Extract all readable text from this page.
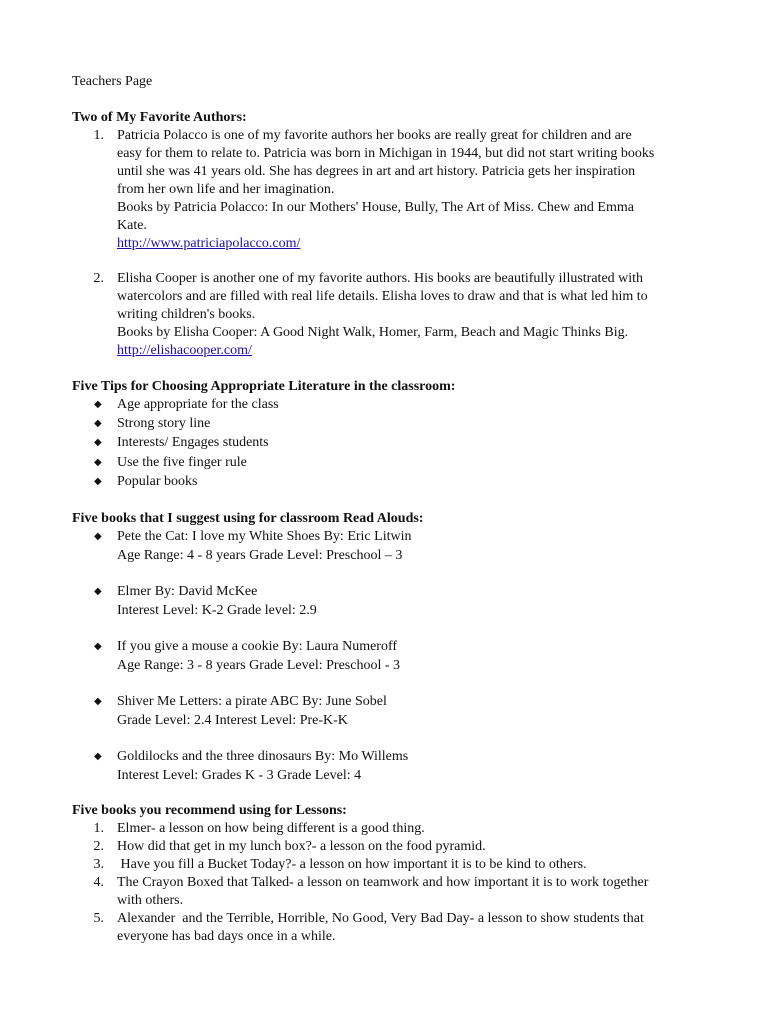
Teachers Page
Two of My Favorite Authors:
1. Patricia Polacco is one of my favorite authors her books are really great for children and are
easy for them to relate to. Patricia was born in Michigan in 1944, but did not start writing books
until she was 41 years old. She has degrees in art and art history. Patricia gets her inspiration
from her own life and her imagination.
Books by Patricia Polacco: In our Mothers' House, Bully, The Art of Miss. Chew and Emma
Kate.
http://www.patriciapolacco.com/
2. Elisha Cooper is another one of my favorite authors. His books are beautifully illustrated with
watercolors and are filled with real life details. Elisha loves to draw and that is what led him to
writing children's books.
Books by Elisha Cooper: A Good Night Walk, Homer, Farm, Beach and Magic Thinks Big.
http://elishacooper.com/
Five Tips for Choosing Appropriate Literature in the classroom:
◆ Age appropriate for the class
◆ Strong story line
◆ Interests/ Engages students
◆ Use the five finger rule
◆ Popular books
Five books that I suggest using for classroom Read Alouds:
◆ Pete the Cat: I love my White Shoes By: Eric Litwin
Age Range: 4 - 8 years Grade Level: Preschool – 3
◆ Elmer By: David McKee
Interest Level: K-2 Grade level: 2.9
◆ If you give a mouse a cookie By: Laura Numeroff
Age Range: 3 - 8 years Grade Level: Preschool - 3
◆ Shiver Me Letters: a pirate ABC By: June Sobel
Grade Level: 2.4 Interest Level: Pre-K-K
◆ Goldilocks and the three dinosaurs By: Mo Willems
Interest Level: Grades K - 3 Grade Level: 4
Five books you recommend using for Lessons:
1. Elmer- a lesson on how being different is a good thing.
2. How did that get in my lunch box?- a lesson on the food pyramid.
3. Have you fill a Bucket Today?- a lesson on how important it is to be kind to others.
4. The Crayon Boxed that Talked- a lesson on teamwork and how important it is to work together
with others.
5. Alexander  and the Terrible, Horrible, No Good, Very Bad Day- a lesson to show students that
everyone has bad days once in a while.
